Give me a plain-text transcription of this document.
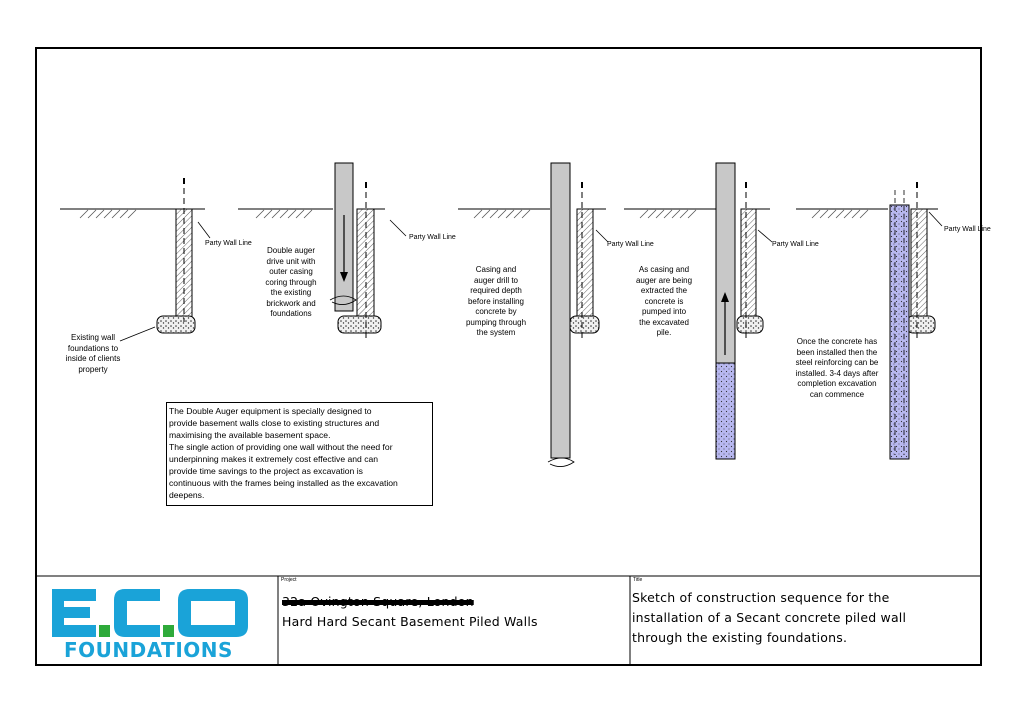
Party Wall Line
Party Wall Line
Party Wall Line	Party Wall Line
Party Wall Line
Existing wall
foundations to
inside of clients
property
Double auger
drive unit with
outer casing
coring through
the existing
brickwork and
foundations
Casing and
auger drill to
required depth
before installing
concrete by
pumping through
the system
As casing and
auger are being
extracted the
concrete is
pumped into
the excavated
pile.
Once the concrete has
been installed then the
steel reinforcing can be
installed. 3-4 days after
completion excavation
can commence
The Double Auger equipment is specially designed to
provide basement walls close to existing structures and
maximising the available basement space.
The single action of providing one wall without the need for
underpinning makes it extremely cost effective and can
provide time savings to the project as excavation is
continuous with the frames being installed as the excavation
deepens.
FOUNDATIONS
Project
32a Ovington Square, London
Hard Hard Secant Basement Piled Walls
Title
Sketch of construction sequence for the
installation of a Secant concrete piled wall
through the existing foundations.
